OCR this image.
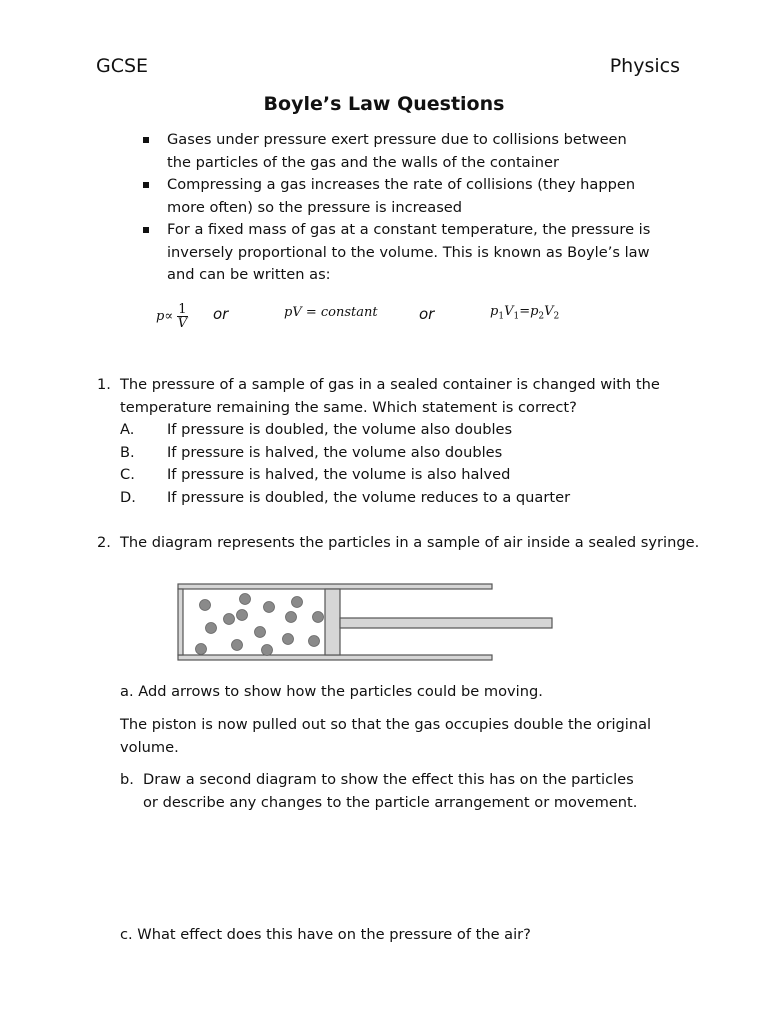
GCSE	Physics
Boyle’s Law Questions
Gases under pressure exert pressure due to collisions between the particles of the gas and the walls of the container
Compressing a gas increases the rate of collisions (they happen more often) so the pressure is increased
For a fixed mass of gas at a constant temperature, the pressure is inversely proportional to the volume. This is known as Boyle’s law and can be written as:
$p\propto \frac{1}{V}$ or	pV = constant	or	$p_1V_1=p_2V_2$
1. The pressure of a sample of gas in a sealed container is changed with the temperature remaining the same. Which statement is correct?
A. If pressure is doubled, the volume also doubles
B. If pressure is halved, the volume also doubles
C. If pressure is halved, the volume is also halved
D. If pressure is doubled, the volume reduces to a quarter
2. The diagram represents the particles in a sample of air inside a sealed syringe.
a. Add arrows to show how the particles could be moving.
The piston is now pulled out so that the gas occupies double the original volume.
b. Draw a second diagram to show the effect this has on the particles or describe any changes to the particle arrangement or movement.
c. What effect does this have on the pressure of the air?
